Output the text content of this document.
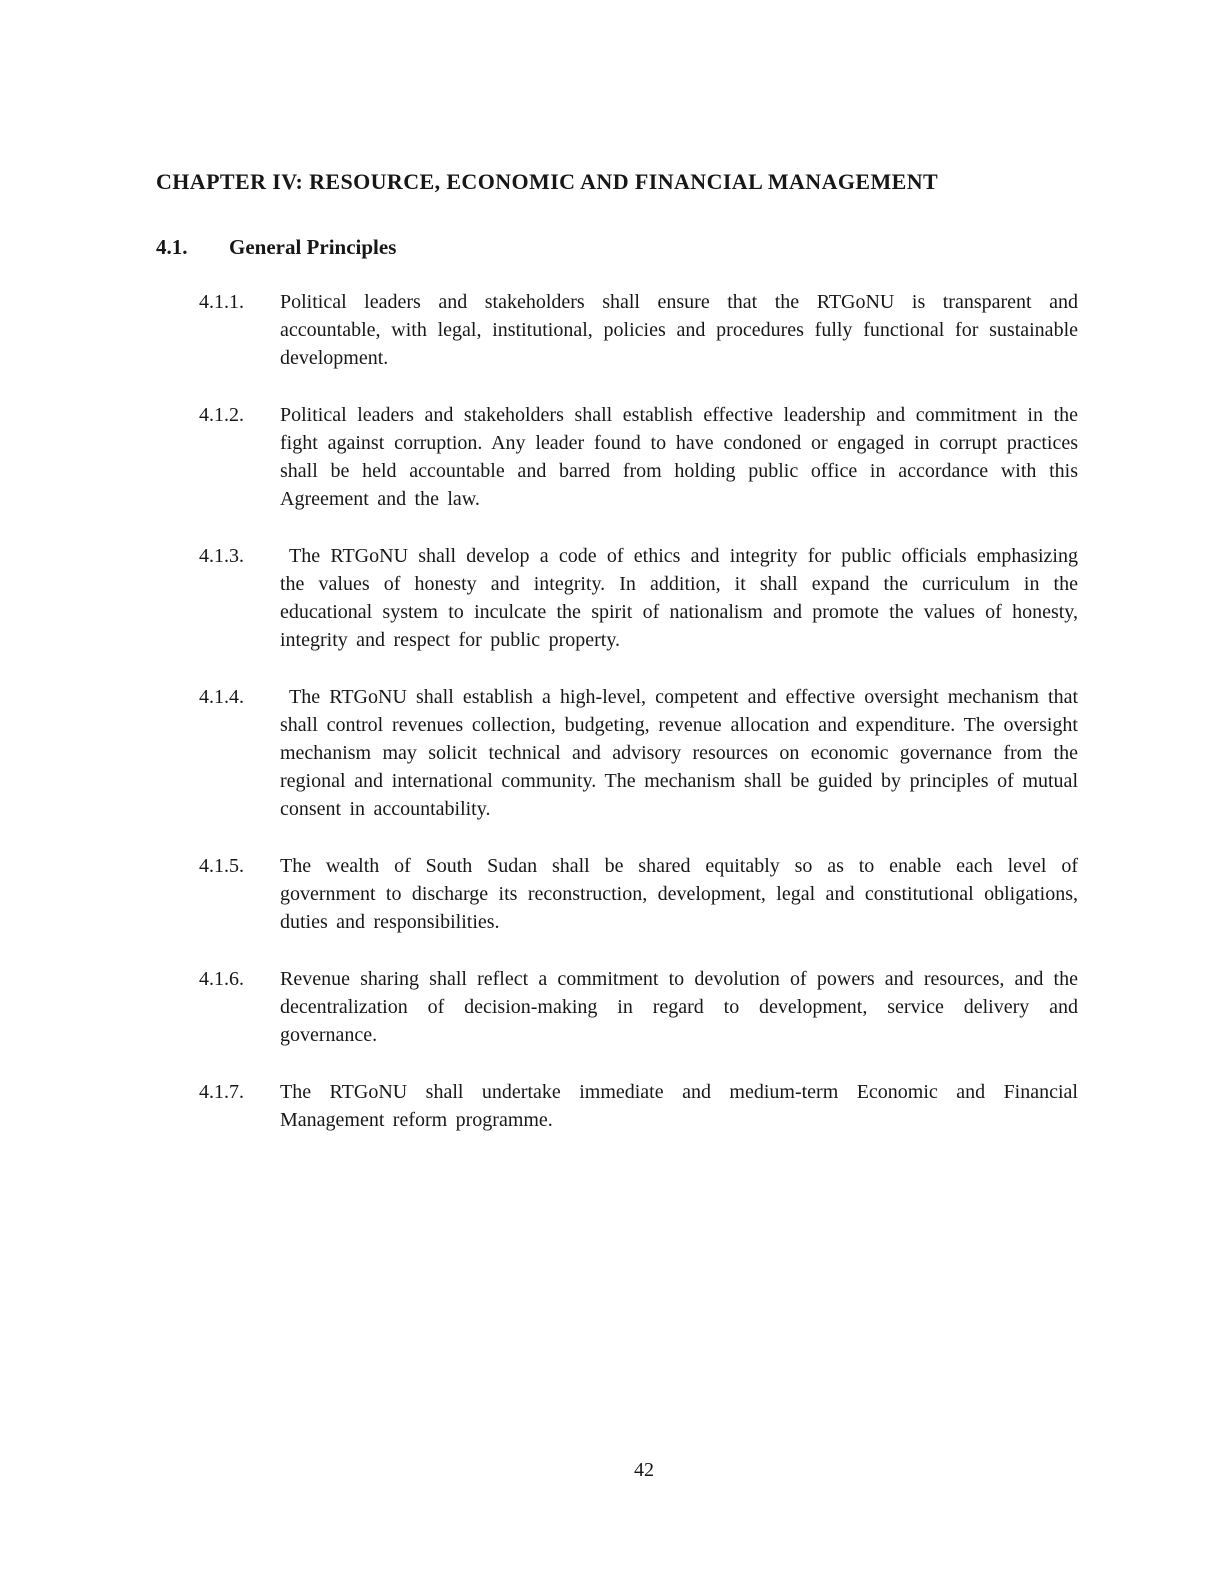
CHAPTER IV: RESOURCE, ECONOMIC AND FINANCIAL MANAGEMENT
4.1.	General Principles
4.1.1.	Political leaders and stakeholders shall ensure that the RTGoNU is transparent and accountable, with legal, institutional, policies and procedures fully functional for sustainable development.

4.1.2.	Political leaders and stakeholders shall establish effective leadership and commitment in the fight against corruption. Any leader found to have condoned or engaged in corrupt practices shall be held accountable and barred from holding public office in accordance with this Agreement and the law.

4.1.3.	The RTGoNU shall develop a code of ethics and integrity for public officials emphasizing the values of honesty and integrity. In addition, it shall expand the curriculum in the educational system to inculcate the spirit of nationalism and promote the values of honesty, integrity and respect for public property.

4.1.4.	The RTGoNU shall establish a high-level, competent and effective oversight mechanism that shall control revenues collection, budgeting, revenue allocation and expenditure. The oversight mechanism may solicit technical and advisory resources on economic governance from the regional and international community. The mechanism shall be guided by principles of mutual consent in accountability.

4.1.5.	The wealth of South Sudan shall be shared equitably so as to enable each level of government to discharge its reconstruction, development, legal and constitutional obligations, duties and responsibilities.

4.1.6.	Revenue sharing shall reflect a commitment to devolution of powers and resources, and the decentralization of decision-making in regard to development, service delivery and governance.

4.1.7.	The RTGoNU shall undertake immediate and medium-term Economic and Financial Management reform programme.

42
